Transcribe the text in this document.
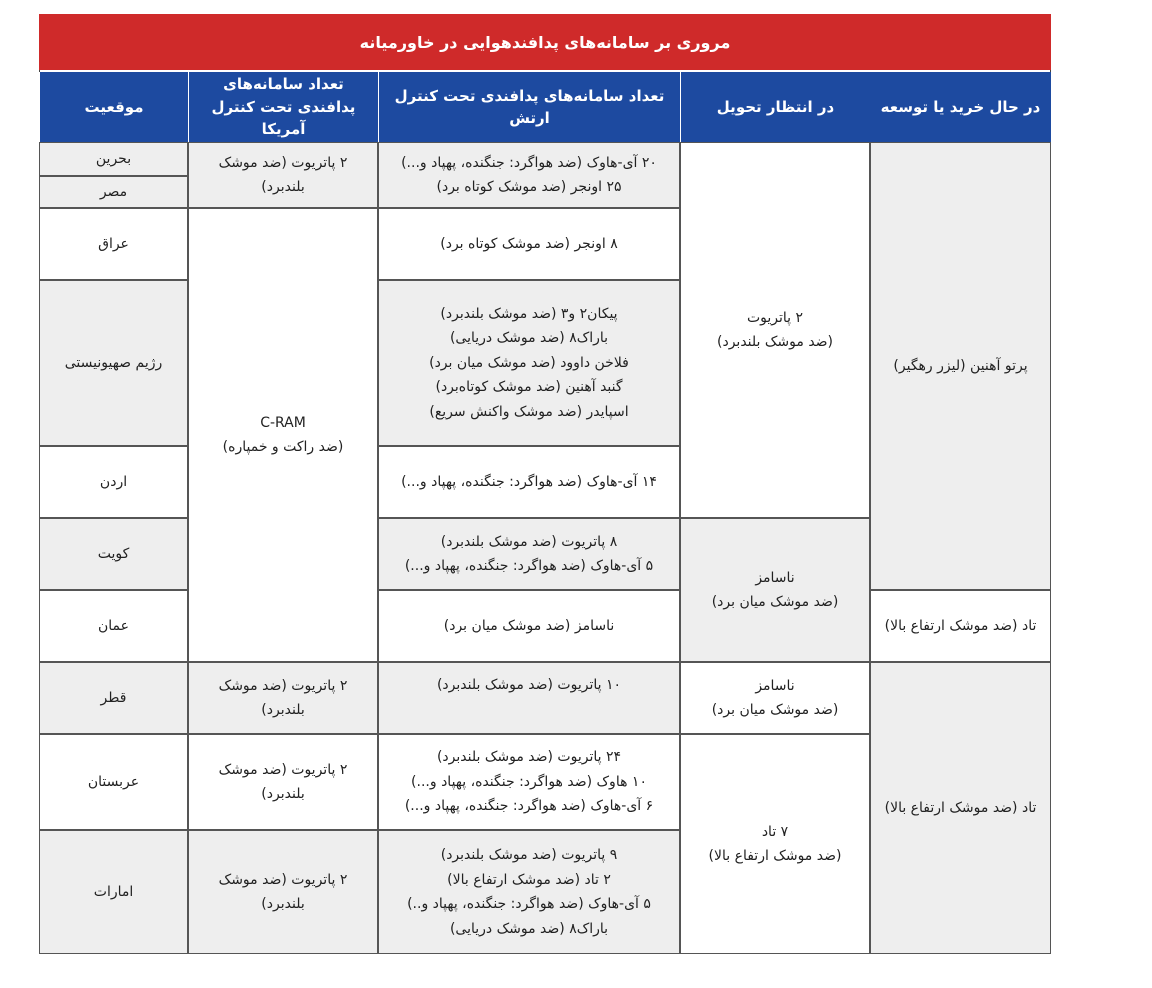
مروری بر سامانه‌های پدافندهوایی در خاورمیانه
موقعیت
تعداد سامانه‌های پدافندی تحت کنترل آمریکا
تعداد سامانه‌های پدافندی تحت کنترل ارتش
در انتظار تحویل	در حال خرید یا توسعه
بحرین
مصر
عراق
رژیم صهیونیستی
اردن
کویت
عمان
قطر
عربستان
امارات
۲ پاتریوت (ضد موشک
بلندبرد)
C-RAM
(ضد راکت و خمپاره)
۲ پاتریوت (ضد موشک
بلندبرد)
۲ پاتریوت (ضد موشک
بلندبرد)
۲ پاتریوت (ضد موشک
بلندبرد)
۲۰ آی-هاوک (ضد هواگرد: جنگنده، پهپاد و...)
۲۵ اونجر (ضد موشک کوتاه برد)
۸ اونجر (ضد موشک کوتاه برد)
پیکان۲ و۳ (ضد موشک بلندبرد)
باراک۸ (ضد موشک دریایی)
فلاخن داوود (ضد موشک میان برد)
گنبد آهنین (ضد موشک کوتاه‌برد)
اسپایدر (ضد موشک واکنش سریع)
۱۴ آی-هاوک (ضد هواگرد: جنگنده، پهپاد و...)
۸ پاتریوت (ضد موشک بلندبرد)
۵ آی-هاوک (ضد هواگرد: جنگنده، پهپاد و...)
ناسامز (ضد موشک میان برد)
۱۰ پاتریوت (ضد موشک بلندبرد)
۲۴ پاتریوت (ضد موشک بلندبرد)
۱۰ هاوک (ضد هواگرد: جنگنده، پهپاد و...)
۶ آی-هاوک (ضد هواگرد: جنگنده، پهپاد و...)
۹ پاتریوت (ضد موشک بلندبرد)
۲ تاد (ضد موشک ارتفاع بالا)
۵ آی-هاوک (ضد هواگرد: جنگنده، پهپاد و..)
باراک۸ (ضد موشک دریایی)
۲ پاتریوت
(ضد موشک بلندبرد)
ناسامز
(ضد موشک میان برد)
ناسامز
(ضد موشک میان برد)
۷ تاد
(ضد موشک ارتفاع بالا)
پرتو آهنین (لیزر رهگیر)
تاد (ضد موشک ارتفاع بالا)
تاد (ضد موشک ارتفاع بالا)
